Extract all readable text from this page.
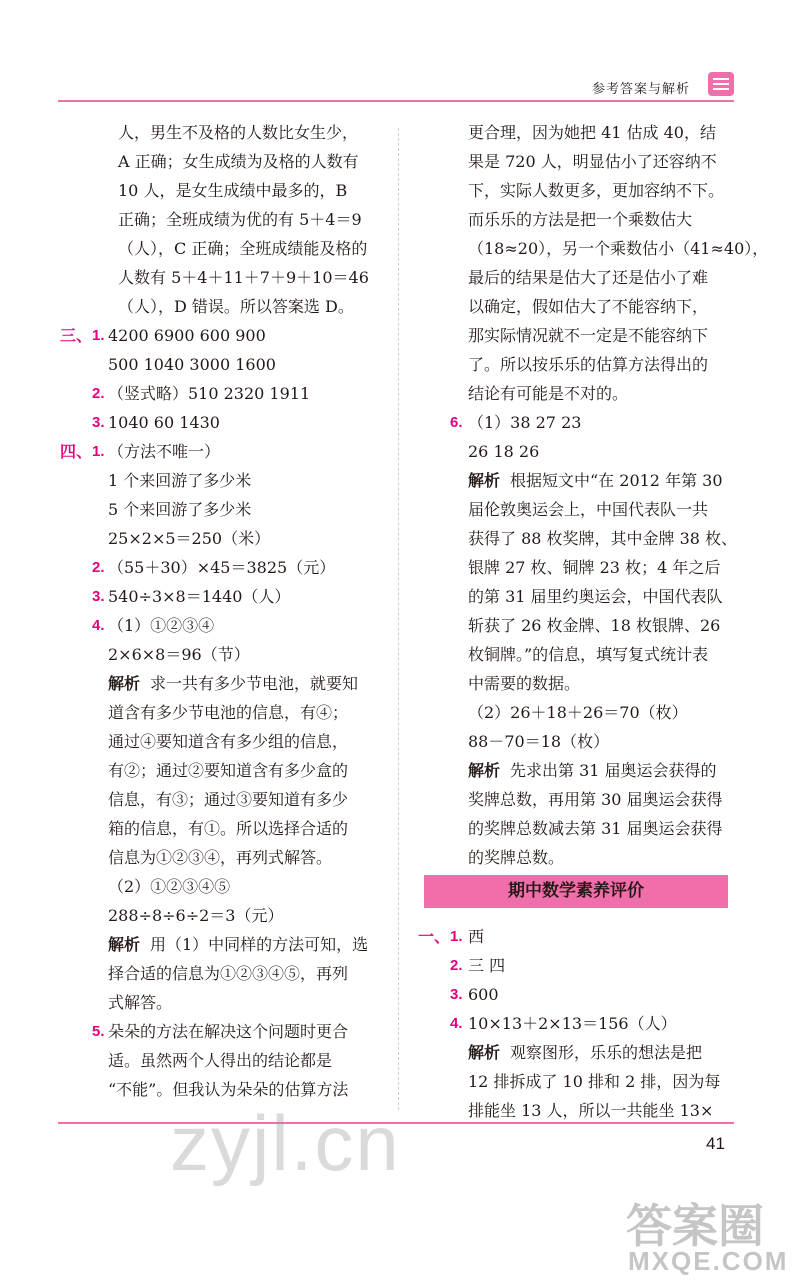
参考答案与解析
人，男生不及格的人数比女生少，
A 正确；女生成绩为及格的人数有
10 人，是女生成绩中最多的，B
正确；全班成绩为优的有 5＋4＝9
（人），C 正确；全班成绩能及格的
人数有 5＋4＋11＋7＋9＋10＝46
（人），D 错误。所以答案选 D。
三、 1. 4200 6900 600 900
500 1040 3000 1600
2. （竖式略）510 2320 1911
3. 1040 60 1430
四、 1. （方法不唯一）
1 个来回游了多少米
5 个来回游了多少米
25×2×5＝250（米）
2. （55＋30）×45＝3825（元）
3. 540÷3×8＝1440（人）
4. （1）①②③④
2×6×8＝96（节）
解析 求一共有多少节电池，就要知
道含有多少节电池的信息，有④；
通过④要知道含有多少组的信息，
有②；通过②要知道含有多少盒的
信息，有③；通过③要知道有多少
箱的信息，有①。所以选择合适的
信息为①②③④，再列式解答。
（2）①②③④⑤
288÷8÷6÷2＝3（元）
解析 用（1）中同样的方法可知，选
择合适的信息为①②③④⑤，再列
式解答。
5. 朵朵的方法在解决这个问题时更合
适。虽然两个人得出的结论都是
“不能”。但我认为朵朵的估算方法
更合理，因为她把 41 估成 40，结
果是 720 人，明显估小了还容纳不
下，实际人数更多，更加容纳不下。
而乐乐的方法是把一个乘数估大
（18≈20），另一个乘数估小（41≈40），
最后的结果是估大了还是估小了难
以确定，假如估大了不能容纳下，
那实际情况就不一定是不能容纳下
了。所以按乐乐的估算方法得出的
结论有可能是不对的。
6. （1）38 27 23
26 18 26
解析 根据短文中“在 2012 年第 30
届伦敦奥运会上，中国代表队一共
获得了 88 枚奖牌，其中金牌 38 枚、
银牌 27 枚、铜牌 23 枚；4 年之后
的第 31 届里约奥运会，中国代表队
斩获了 26 枚金牌、18 枚银牌、26
枚铜牌。”的信息，填写复式统计表
中需要的数据。
（2）26＋18＋26＝70（枚）
88－70＝18（枚）
解析 先求出第 31 届奥运会获得的
奖牌总数，再用第 30 届奥运会获得
的奖牌总数减去第 31 届奥运会获得
的奖牌总数。
期中数学素养评价
一、 1. 西
2. 三 四
3. 600
4. 10×13＋2×13＝156（人）
解析 观察图形，乐乐的想法是把
12 排拆成了 10 排和 2 排，因为每
排能坐 13 人，所以一共能坐 13×
41
zyjl.cn
答案圈
MXQE.COM
